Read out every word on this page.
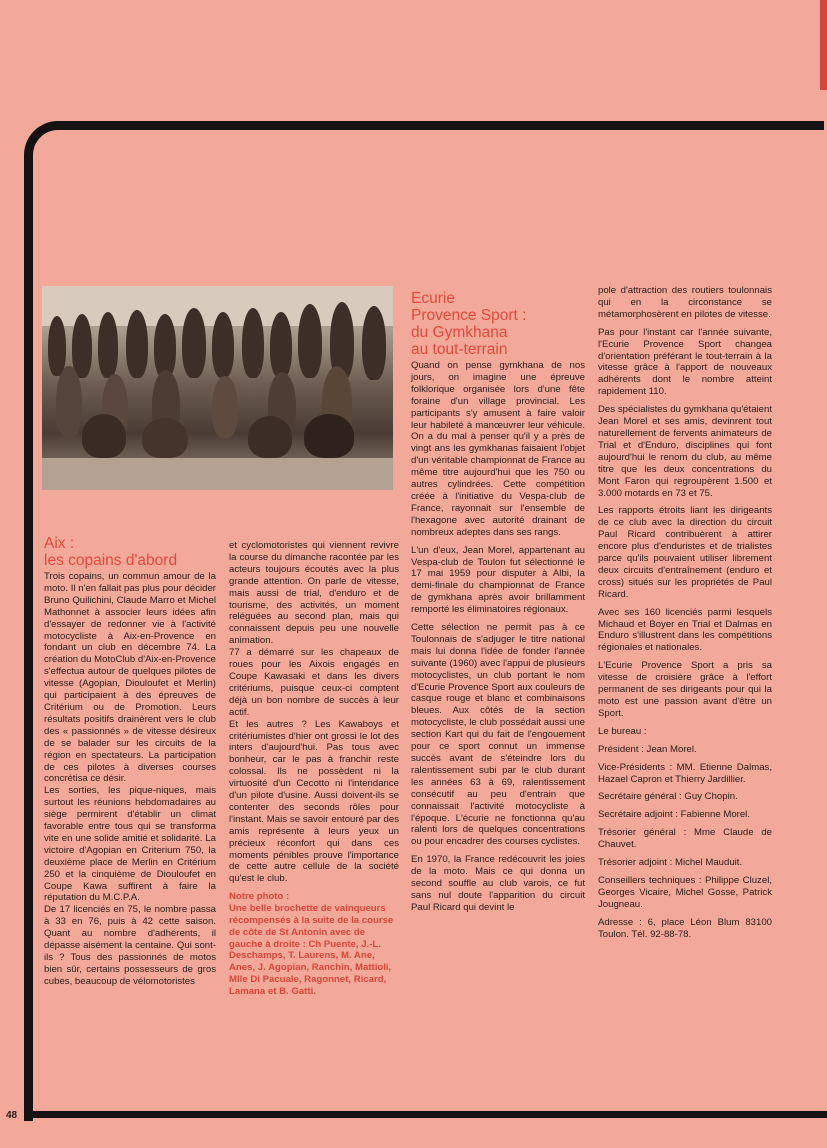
Aix :
les copains d'abord

Trois copains, un commun amour de la moto. Il n'en fallait pas plus pour décider Bruno Quilichini, Claude Marro et Michel Mathonnet à associer leurs idées afin d'essayer de redonner vie à l'activité motocycliste à Aix-en-Provence en fondant un club en décembre 74. La création du MotoClub d'Aix-en-Provence s'effectua autour de quelques pilotes de vitesse (Agopian, Diouloufet et Merlin) qui participaient à des épreuves de Critérium ou de Promotion. Leurs résultats positifs drainèrent vers le club des « passionnés » de vitesse désireux de se balader sur les circuits de la région en spectateurs. La participation de ces pilotes à diverses courses concrétisa ce désir.

Les sorties, les pique-niques, mais surtout les réunions hebdomadaires au siège permirent d'établir un climat favorable entre tous qui se transforma vite en une solide amitié et solidarité. La victoire d'Agopian en Criterium 750, la deuxième place de Merlin en Critérium 250 et la cinquième de Diouloufet en Coupe Kawa suffirent à faire la réputation du M.C.P.A.

De 17 licenciés en 75, le nombre passa à 33 en 76, puis à 42 cette saison. Quant au nombre d'adhérents, il dépasse aisément la centaine. Qui sont-ils ? Tous des passionnés de motos bien sûr, certains possesseurs de gros cubes, beaucoup de vélomotoristes

et cyclomotoristes qui viennent revivre la course du dimanche racontée par les acteurs toujours écoutés avec la plus grande attention. On parle de vitesse, mais aussi de trial, d'enduro et de tourisme, des activités, un moment reléguées au second plan, mais qui connaissent depuis peu une nouvelle animation.

77 a démarré sur les chapeaux de roues pour les Aixois engagés en Coupe Kawasaki et dans les divers critériums, puisque ceux-ci comptent déjà un bon nombre de succès à leur actif.

Et les autres ? Les Kawaboys et critériumistes d'hier ont grossi le lot des inters d'aujourd'hui. Pas tous avec bonheur, car le pas à franchir reste colossal. Ils ne possèdent ni la virtuosité d'un Cecotto ni l'intendance d'un pilote d'usine. Aussi doivent-ils se contenter des seconds rôles pour l'instant. Mais se savoir entouré par des amis représente à leurs yeux un précieux réconfort qui dans ces moments pénibles prouve l'importance de cette autre cellule de la société qu'est le club.

Notre photo :
Une belle brochette de vainqueurs récompensés à la suite de la course de côte de St Antonin avec de gauche à droite : Ch Puente, J.-L. Deschamps, T. Laurens, M. Ane, Anes, J. Agopian, Ranchin, Mattioli, Mlle Di Pacuale, Ragonnet, Ricard, Lamana et B. Gatti.
Ecurie
Provence Sport :
du Gymkhana
au tout-terrain

Quand on pense gymkhana de nos jours, on imagine une épreuve folklorique organisée lors d'une fête foraine d'un village provincial. Les participants s'y amusent à faire valoir leur habileté à manœuvrer leur véhicule. On a du mal à penser qu'il y a près de vingt ans les gymkhanas faisaient l'objet d'un véritable championnat de France au même titre aujourd'hui que les 750 ou autres cylindrées. Cette compétition créée à l'initiative du Vespa-club de France, rayonnait sur l'ensemble de l'hexagone avec autorité drainant de nombreux adeptes dans ses rangs.

L'un d'eux, Jean Morel, appartenant au Vespa-club de Toulon fut sélectionné le 17 mai 1959 pour disputer à Albi, la demi-finale du championnat de France de gymkhana après avoir brillamment remporté les éliminatoires régionaux.

Cette sélection ne permit pas à ce Toulonnais de s'adjuger le titre national mais lui donna l'idée de fonder l'année suivante (1960) avec l'appui de plusieurs motocyclistes, un club portant le nom d'Ecurie Provence Sport aux couleurs de casque rouge et blanc et combinaisons bleues. Aux côtés de la section motocycliste, le club possédait aussi une section Kart qui du fait de l'engouement pour ce sport connut un immense succès avant de s'éteindre lors du ralentissement subi par le club durant les années 63 à 69, ralentissement consécutif au peu d'entrain que connaissait l'activité motocycliste à l'époque. L'écurie ne fonctionna qu'au ralenti lors de quelques concentrations ou pour encadrer des courses cyclistes.

En 1970, la France redécouvrit les joies de la moto. Mais ce qui donna un second souffle au club varois, ce fut sans nul doute l'apparition du circuit Paul Ricard qui devint le

pole d'attraction des routiers toulonnais qui en la circonstance se métamorphosèrent en pilotes de vitesse.

Pas pour l'instant car l'année suivante, l'Ecurie Provence Sport changea d'orientation préférant le tout-terrain à la vitesse grâce à l'apport de nouveaux adhérents dont le nombre atteint rapidement 110.

Des spécialistes du gymkhana qu'étaient Jean Morel et ses amis, devinrent tout naturellement de fervents animateurs de Trial et d'Enduro, disciplines qui font aujourd'hui le renom du club, au même titre que les deux concentrations du Mont Faron qui regroupèrent 1.500 et 3.000 motards en 73 et 75.

Les rapports étroits liant les dirigeants de ce club avec la direction du circuit Paul Ricard contribuèrent à attirer encore plus d'enduristes et de trialistes parce qu'ils pouvaient utiliser librement deux circuits d'entraînement (enduro et cross) situés sur les propriétés de Paul Ricard.

Avec ses 160 licenciés parmi lesquels Michaud et Boyer en Trial et Dalmas en Enduro s'illustrent dans les compétitions régionales et nationales.

L'Ecurie Provence Sport a pris sa vitesse de croisière grâce à l'effort permanent de ses dirigeants pour qui la moto est une passion avant d'être un Sport.

Le bureau :

Président : Jean Morel.

Vice-Présidents : MM. Etienne Dalmas, Hazael Capron et Thierry Jardillier.

Secrétaire général : Guy Chopin.

Secrétaire adjoint : Fabienne Morel.

Trésorier général : Mme Claude de Chauvet.

Trésorier adjoint : Michel Mauduit.

Conseillers techniques : Philippe Cluzel, Georges Vicaire, Michel Gosse, Patrick Jougneau.

Adresse : 6, place Léon Blum 83100 Toulon. Tél. 92-88-78.

48
